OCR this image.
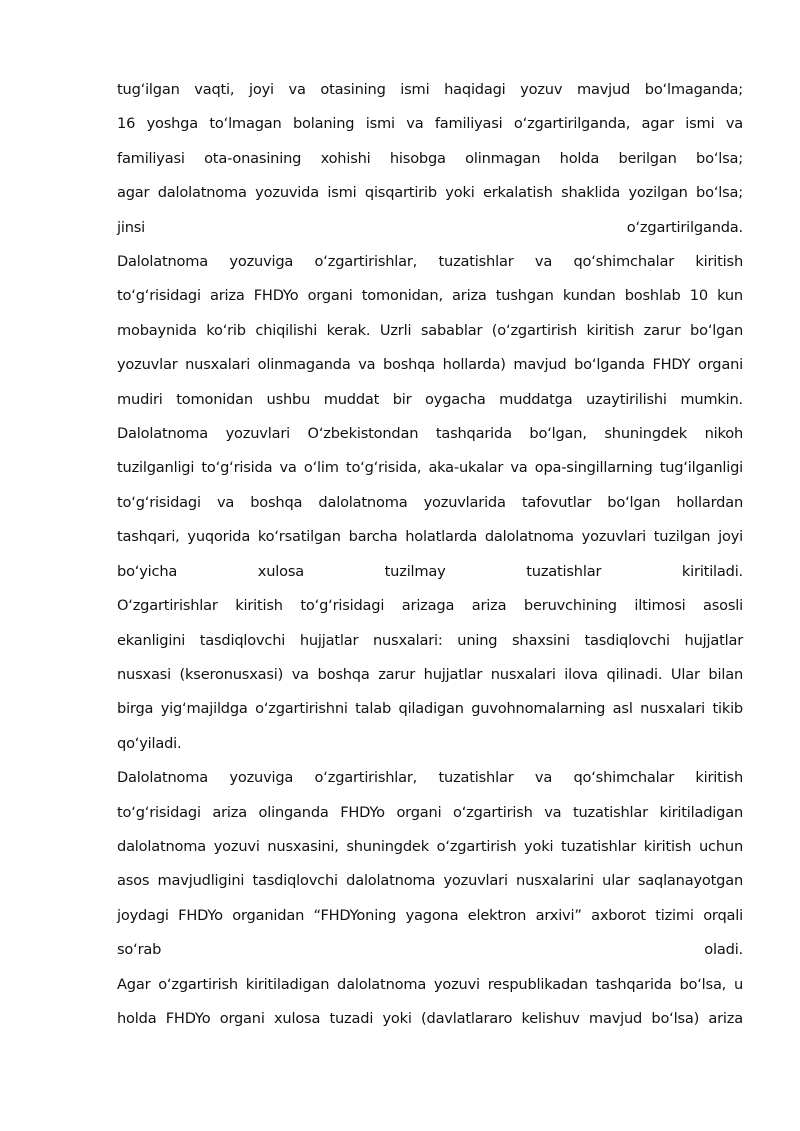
tug‘ilgan vaqti, joyi va otasining ismi haqidagi yozuv mavjud bo‘lmaganda;
16 yoshga to‘lmagan bolaning ismi va familiyasi o‘zgartirilganda, agar ismi va
familiyasi ota-onasining xohishi hisobga olinmagan holda berilgan bo‘lsa;
agar dalolatnoma yozuvida ismi qisqartirib yoki erkalatish shaklida yozilgan bo‘lsa;
jinsi o‘zgartirilganda.
Dalolatnoma yozuviga o‘zgartirishlar, tuzatishlar va qo‘shimchalar kiritish
to‘g‘risidagi ariza FHDYo organi tomonidan, ariza tushgan kundan boshlab 10 kun
mobaynida ko‘rib chiqilishi kerak. Uzrli sabablar (o‘zgartirish kiritish zarur bo‘lgan
yozuvlar nusxalari olinmaganda va boshqa hollarda) mavjud bo‘lganda FHDY organi
mudiri tomonidan ushbu muddat bir oygacha muddatga uzaytirilishi mumkin.
Dalolatnoma yozuvlari O‘zbekistondan tashqarida bo‘lgan, shuningdek nikoh
tuzilganligi to‘g‘risida va o‘lim to‘g‘risida, aka-ukalar va opa-singillarning tug‘ilganligi
to‘g‘risidagi va boshqa dalolatnoma yozuvlarida tafovutlar bo‘lgan hollardan
tashqari, yuqorida ko‘rsatilgan barcha holatlarda dalolatnoma yozuvlari tuzilgan joyi
bo‘yicha xulosa tuzilmay tuzatishlar kiritiladi.
O‘zgartirishlar kiritish to‘g‘risidagi arizaga ariza beruvchining iltimosi asosli
ekanligini tasdiqlovchi hujjatlar nusxalari: uning shaxsini tasdiqlovchi hujjatlar
nusxasi (kseronusxasi) va boshqa zarur hujjatlar nusxalari ilova qilinadi. Ular bilan
birga yig‘majildga o‘zgartirishni talab qiladigan guvohnomalarning asl nusxalari tikib
qo‘yiladi.
Dalolatnoma yozuviga o‘zgartirishlar, tuzatishlar va qo‘shimchalar kiritish
to‘g‘risidagi ariza olinganda FHDYo organi o‘zgartirish va tuzatishlar kiritiladigan
dalolatnoma yozuvi nusxasini, shuningdek o‘zgartirish yoki tuzatishlar kiritish uchun
asos mavjudligini tasdiqlovchi dalolatnoma yozuvlari nusxalarini ular saqlanayotgan
joydagi FHDYo organidan “FHDYoning yagona elektron arxivi” axborot tizimi orqali
so‘rab oladi.
Agar o‘zgartirish kiritiladigan dalolatnoma yozuvi respublikadan tashqarida bo‘lsa, u
holda FHDYo organi xulosa tuzadi yoki (davlatlararo kelishuv mavjud bo‘lsa) ariza
